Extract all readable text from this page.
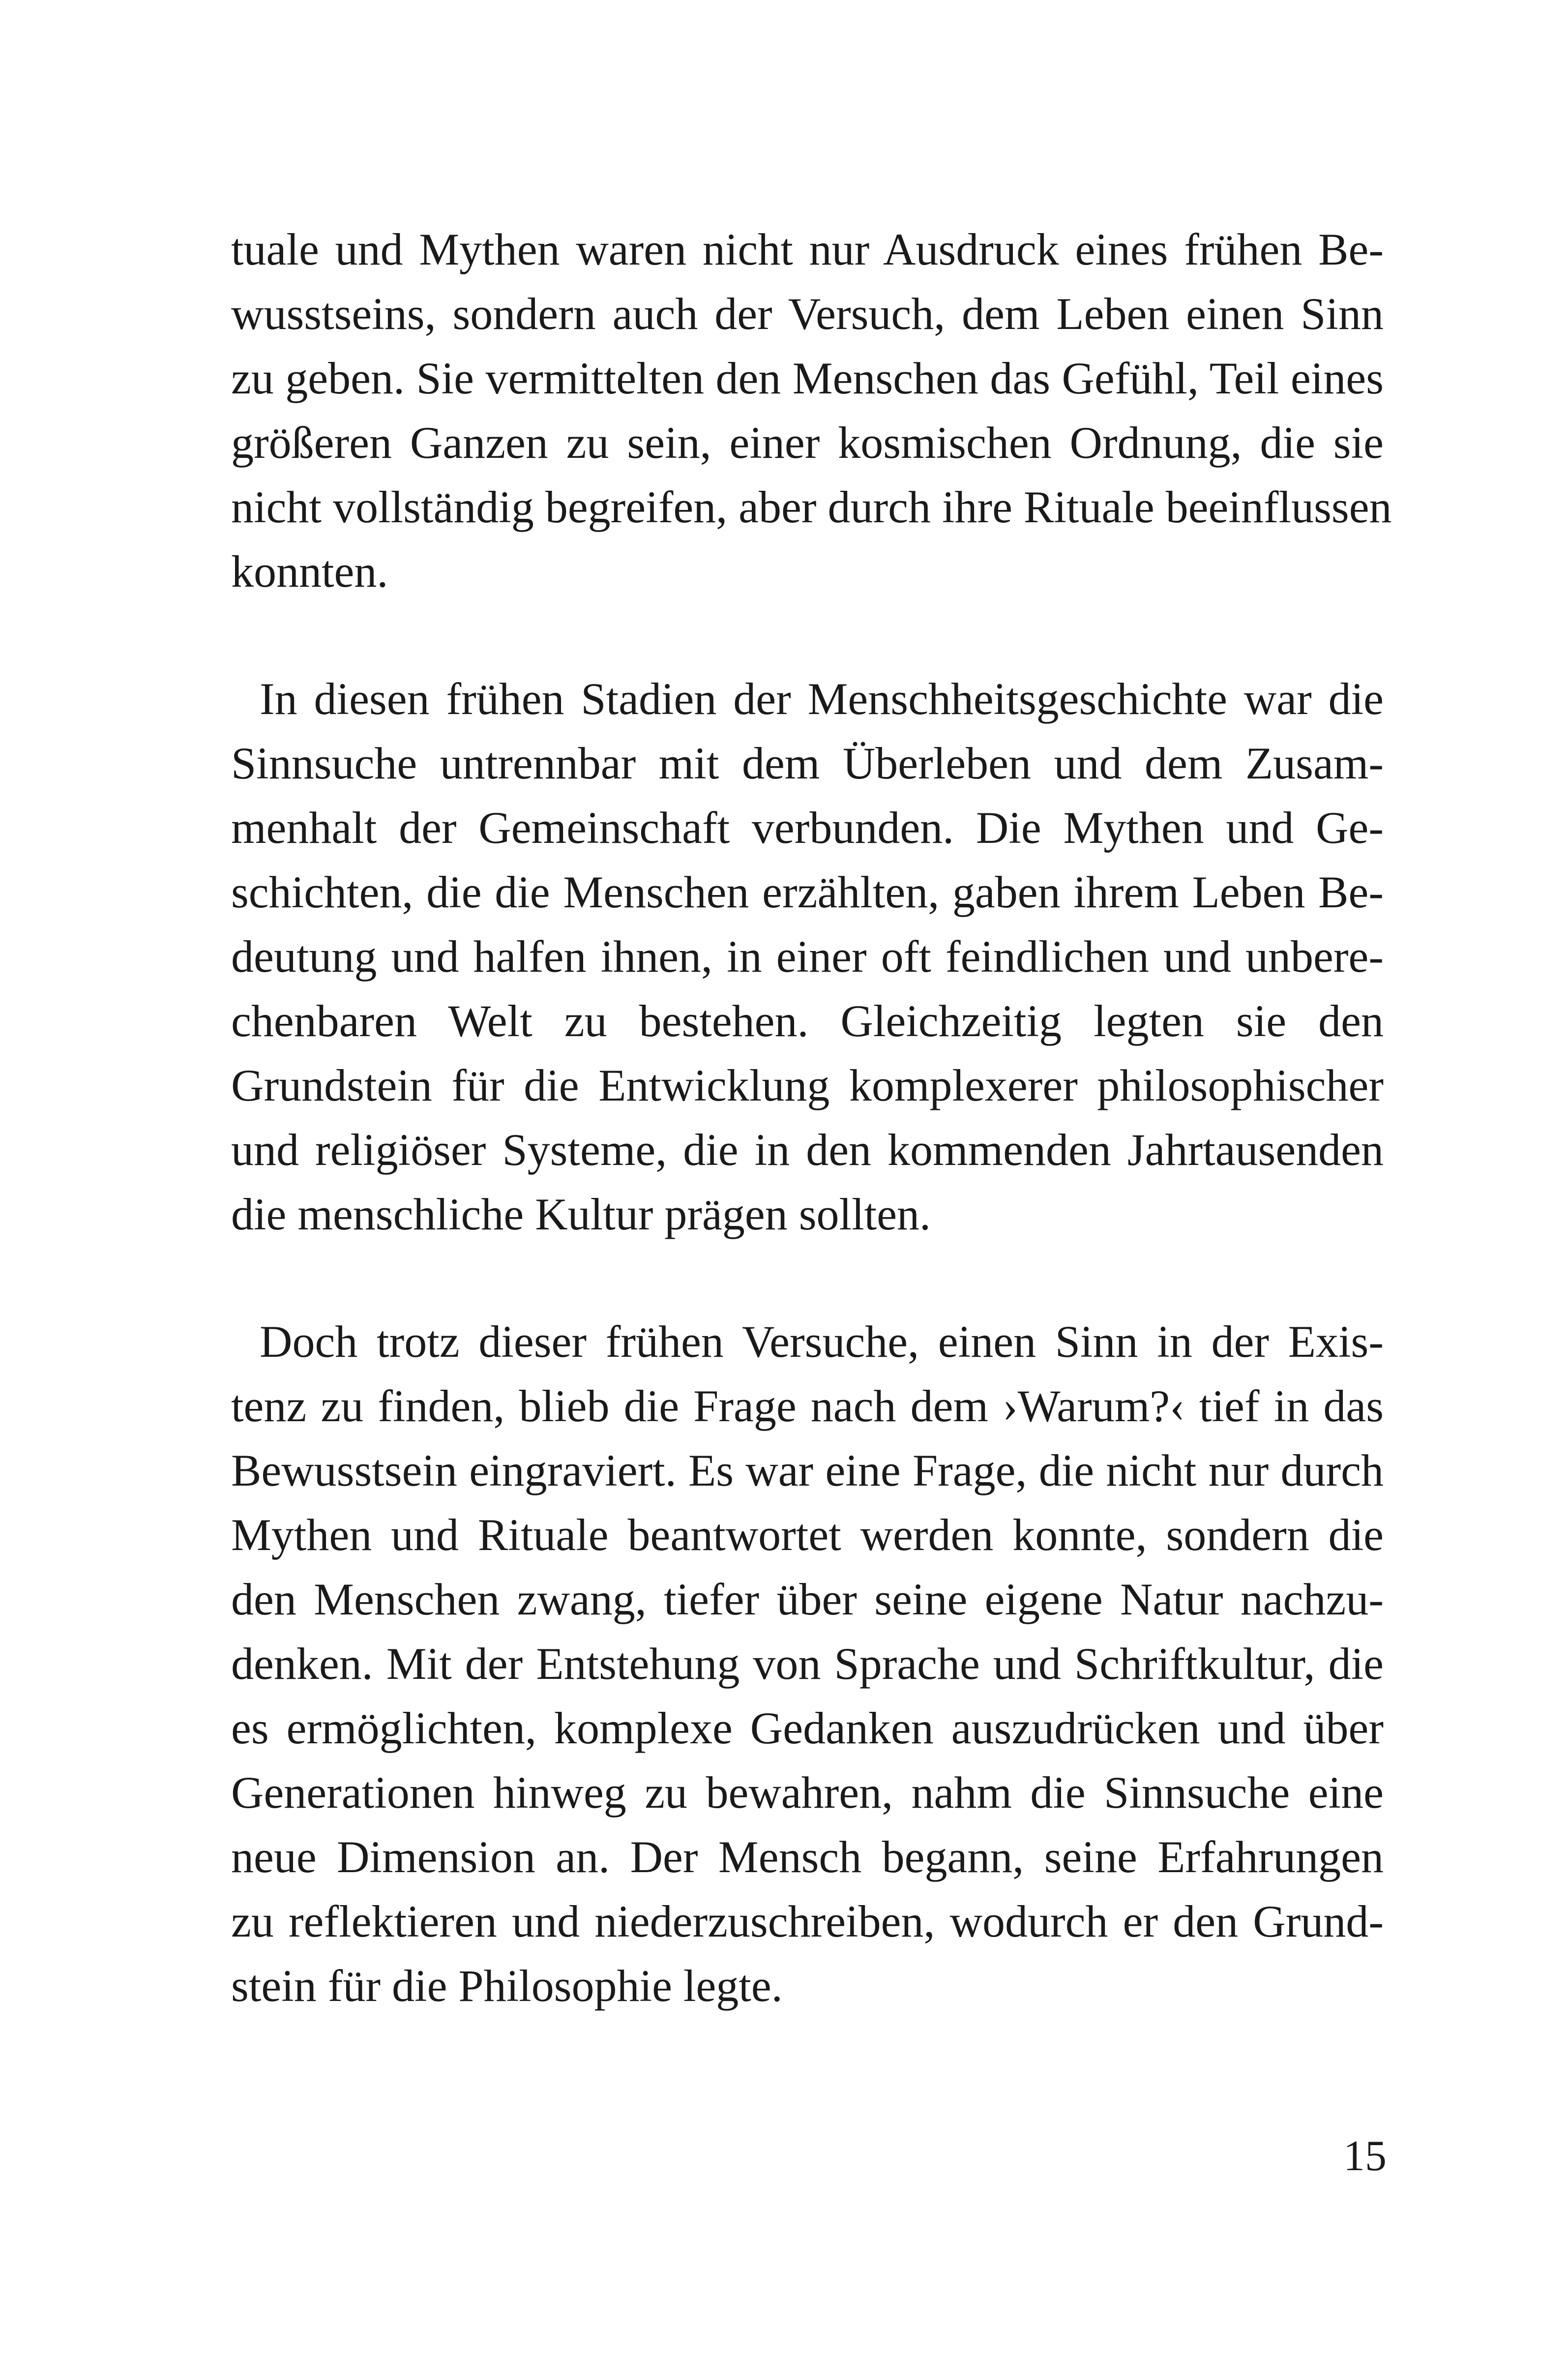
tuale und Mythen waren nicht nur Ausdruck eines frühen Be-
wusstseins, sondern auch der Versuch, dem Leben einen Sinn
zu geben. Sie vermittelten den Menschen das Gefühl, Teil eines
größeren Ganzen zu sein, einer kosmischen Ordnung, die sie
nicht vollständig begreifen, aber durch ihre Rituale beeinflussen
konnten.
In diesen frühen Stadien der Menschheitsgeschichte war die
Sinnsuche untrennbar mit dem Überleben und dem Zusam-
menhalt der Gemeinschaft verbunden. Die Mythen und Ge-
schichten, die die Menschen erzählten, gaben ihrem Leben Be-
deutung und halfen ihnen, in einer oft feindlichen und unbere-
chenbaren Welt zu bestehen. Gleichzeitig legten sie den
Grundstein für die Entwicklung komplexerer philosophischer
und religiöser Systeme, die in den kommenden Jahrtausenden
die menschliche Kultur prägen sollten.
Doch trotz dieser frühen Versuche, einen Sinn in der Exis-
tenz zu finden, blieb die Frage nach dem ›Warum?‹ tief in das
Bewusstsein eingraviert. Es war eine Frage, die nicht nur durch
Mythen und Rituale beantwortet werden konnte, sondern die
den Menschen zwang, tiefer über seine eigene Natur nachzu-
denken. Mit der Entstehung von Sprache und Schriftkultur, die
es ermöglichten, komplexe Gedanken auszudrücken und über
Generationen hinweg zu bewahren, nahm die Sinnsuche eine
neue Dimension an. Der Mensch begann, seine Erfahrungen
zu reflektieren und niederzuschreiben, wodurch er den Grund-
stein für die Philosophie legte.
15
